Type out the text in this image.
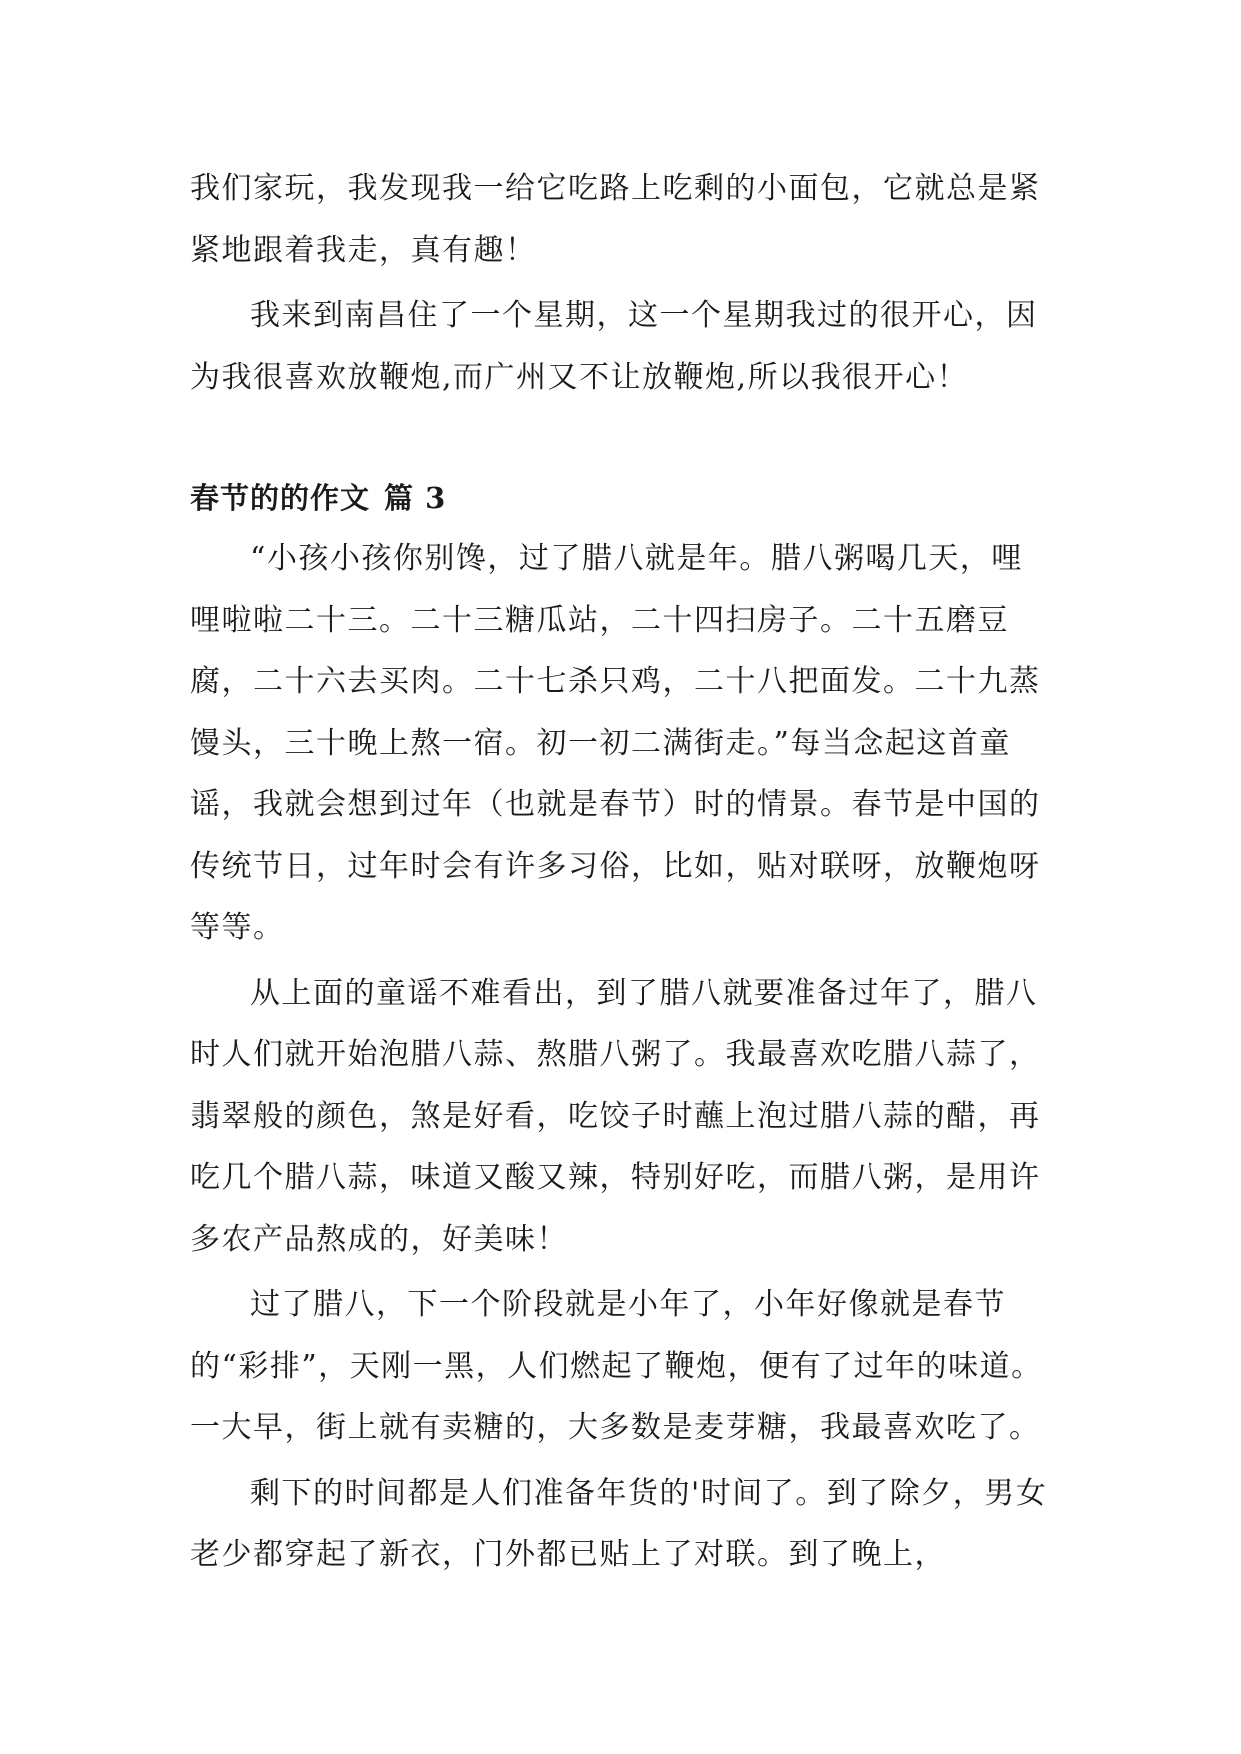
我们家玩，我发现我一给它吃路上吃剩的小面包，它就总是紧紧地跟着我走，真有趣！

我来到南昌住了一个星期，这一个星期我过的很开心，因为我很喜欢放鞭炮,而广州又不让放鞭炮,所以我很开心！

春节的的作文 篇 3

“小孩小孩你别馋，过了腊八就是年。腊八粥喝几天，哩哩啦啦二十三。二十三糖瓜站，二十四扫房子。二十五磨豆腐，二十六去买肉。二十七杀只鸡，二十八把面发。二十九蒸馒头，三十晚上熬一宿。初一初二满街走。”每当念起这首童谣，我就会想到过年（也就是春节）时的情景。春节是中国的传统节日，过年时会有许多习俗，比如，贴对联呀，放鞭炮呀等等。

从上面的童谣不难看出，到了腊八就要准备过年了，腊八时人们就开始泡腊八蒜、熬腊八粥了。我最喜欢吃腊八蒜了，翡翠般的颜色，煞是好看，吃饺子时蘸上泡过腊八蒜的醋，再吃几个腊八蒜，味道又酸又辣，特别好吃，而腊八粥，是用许多农产品熬成的，好美味！

过了腊八，下一个阶段就是小年了，小年好像就是春节的“彩排”，天刚一黑，人们燃起了鞭炮，便有了过年的味道。一大早，街上就有卖糖的，大多数是麦芽糖，我最喜欢吃了。

剩下的时间都是人们准备年货的'时间了。到了除夕，男女老少都穿起了新衣，门外都已贴上了对联。到了晚上，
